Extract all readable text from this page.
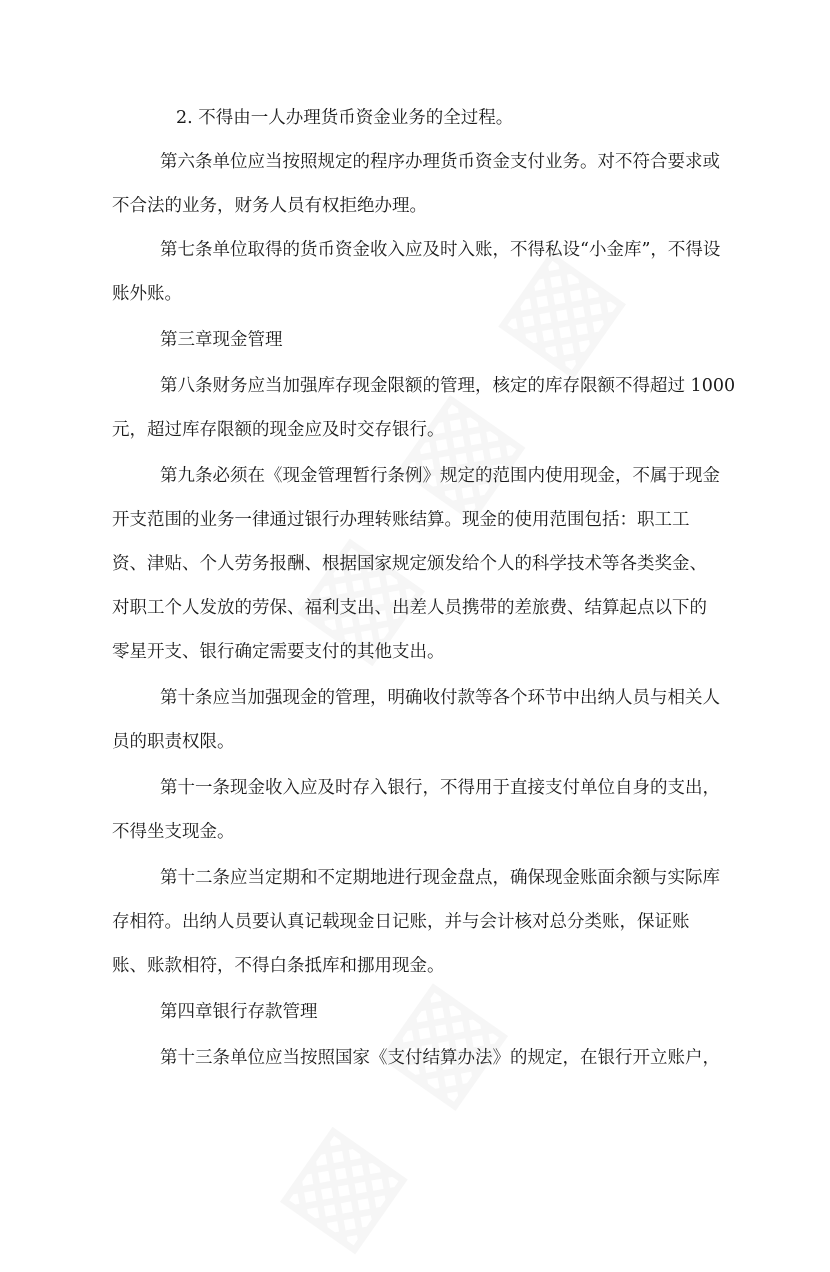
2. 不得由一人办理货币资金业务的全过程。
第六条单位应当按照规定的程序办理货币资金支付业务。对不符合要求或
不合法的业务，财务人员有权拒绝办理。
第七条单位取得的货币资金收入应及时入账，不得私设“小金库”，不得设
账外账。
第三章现金管理
第八条财务应当加强库存现金限额的管理，核定的库存限额不得超过 1000
元，超过库存限额的现金应及时交存银行。
第九条必须在《现金管理暂行条例》规定的范围内使用现金，不属于现金
开支范围的业务一律通过银行办理转账结算。现金的使用范围包括：职工工
资、津贴、个人劳务报酬、根据国家规定颁发给个人的科学技术等各类奖金、
对职工个人发放的劳保、福利支出、出差人员携带的差旅费、结算起点以下的
零星开支、银行确定需要支付的其他支出。
第十条应当加强现金的管理，明确收付款等各个环节中出纳人员与相关人
员的职责权限。
第十一条现金收入应及时存入银行，不得用于直接支付单位自身的支出，
不得坐支现金。
第十二条应当定期和不定期地进行现金盘点，确保现金账面余额与实际库
存相符。出纳人员要认真记载现金日记账，并与会计核对总分类账，保证账
账、账款相符，不得白条抵库和挪用现金。
第四章银行存款管理
第十三条单位应当按照国家《支付结算办法》的规定，在银行开立账户，
